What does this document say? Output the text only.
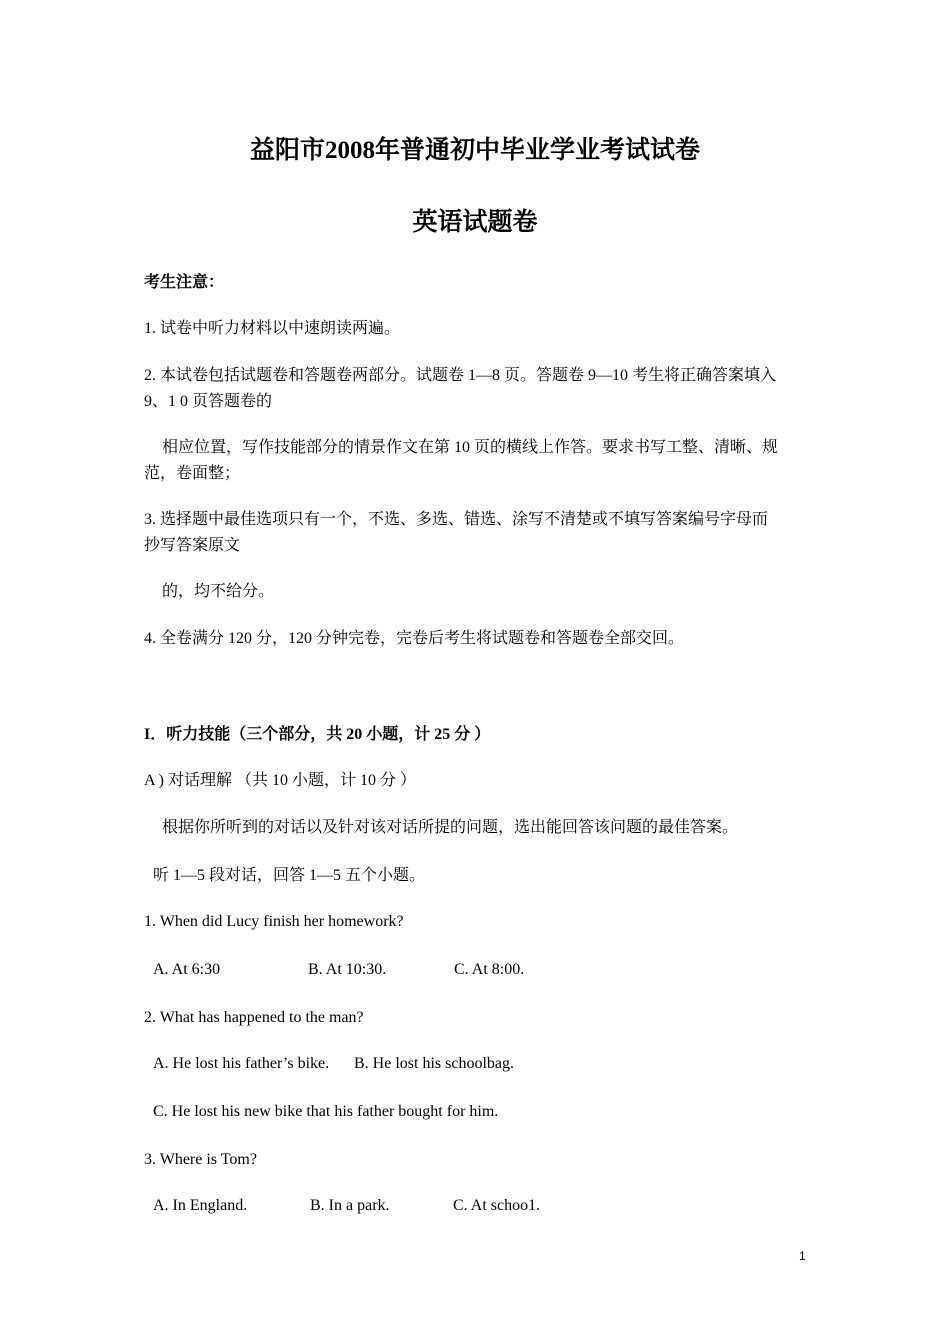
益阳市2008年普通初中毕业学业考试试卷
英语试题卷

考生注意：

1. 试卷中听力材料以中速朗读两遍。

2. 本试卷包括试题卷和答题卷两部分。试题卷 1—8 页。答题卷 9—10 考生将正确答案填入

9、1 0 页答题卷的

相应位置，写作技能部分的情景作文在第 10 页的横线上作答。要求书写工整、清晰、规

范，卷面整；

3. 选择题中最佳选项只有一个，不选、多选、错选、涂写不清楚或不填写答案编号字母而

抄写答案原文

的，均不给分。

4. 全卷满分 120 分，120 分钟完卷，完卷后考生将试题卷和答题卷全部交回。

I．听力技能（三个部分，共 20 小题，计 25 分 ）

A ) 对话理解 （共 10 小题，计 10 分 ）

根据你所听到的对话以及针对该对话所提的问题，选出能回答该问题的最佳答案。

听 1—5 段对话，回答 1—5 五个小题。

1. When did Lucy finish her homework?

A. At 6:30	B. At 10:30.	C. At 8:00.

2. What has happened to the man?

A. He lost his father’s bike. B. He lost his schoolbag.
C. He lost his new bike that his father bought for him.

3. Where is Tom?

A. In England.	B. In a park.	C. At schoo1.
1
